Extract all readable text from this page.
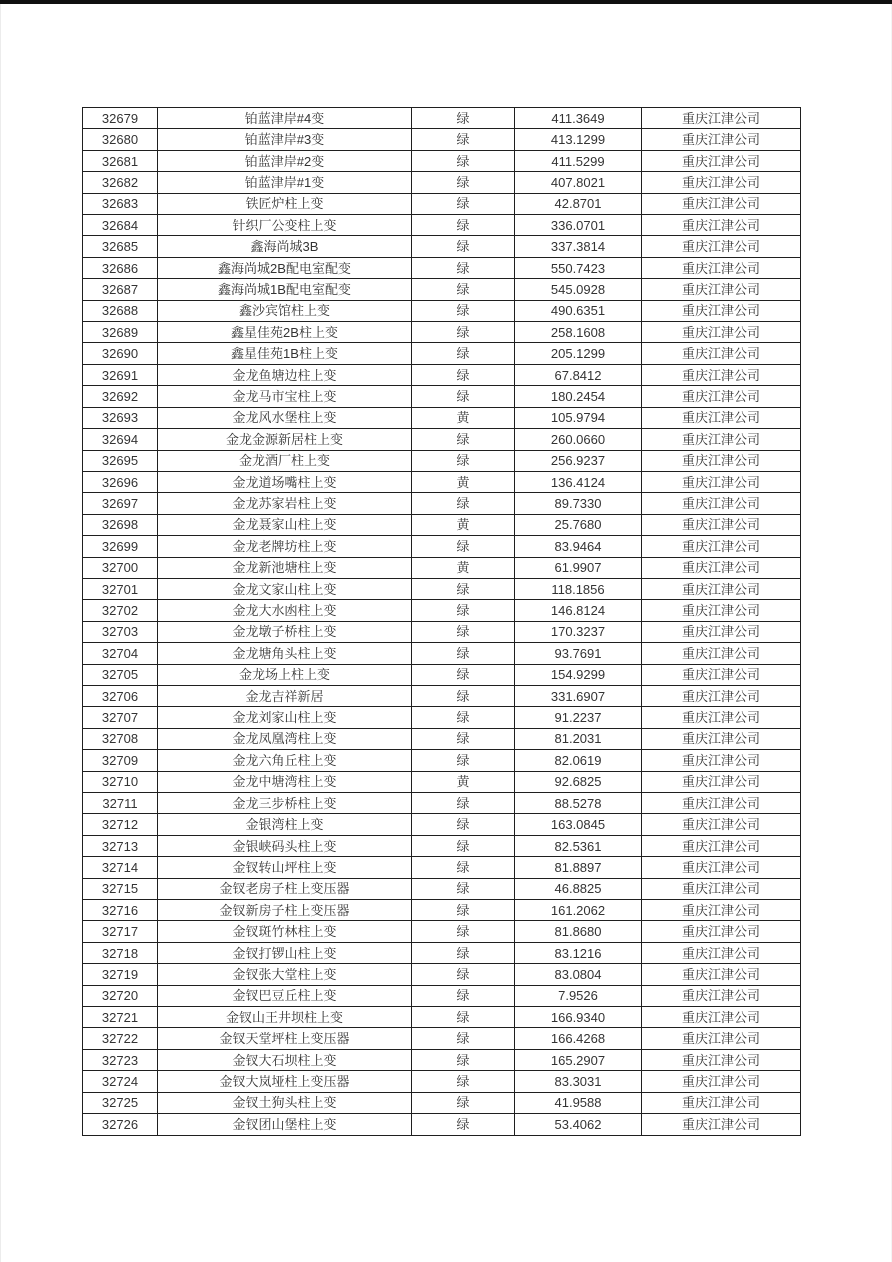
32679	铂蓝津岸#4变	绿	411.3649	重庆江津公司
32680	铂蓝津岸#3变	绿	413.1299	重庆江津公司
32681	铂蓝津岸#2变	绿	411.5299	重庆江津公司
32682	铂蓝津岸#1变	绿	407.8021	重庆江津公司
32683	铁匠炉柱上变	绿	42.8701	重庆江津公司
32684	针织厂公变柱上变	绿	336.0701	重庆江津公司
32685	鑫海尚城3B	绿	337.3814	重庆江津公司
32686	鑫海尚城2B配电室配变	绿	550.7423	重庆江津公司
32687	鑫海尚城1B配电室配变	绿	545.0928	重庆江津公司
32688	鑫沙宾馆柱上变	绿	490.6351	重庆江津公司
32689	鑫星佳苑2B柱上变	绿	258.1608	重庆江津公司
32690	鑫星佳苑1B柱上变	绿	205.1299	重庆江津公司
32691	金龙鱼塘边柱上变	绿	67.8412	重庆江津公司
32692	金龙马市宝柱上变	绿	180.2454	重庆江津公司
32693	金龙风水堡柱上变	黄	105.9794	重庆江津公司
32694	金龙金源新居柱上变	绿	260.0660	重庆江津公司
32695	金龙酒厂柱上变	绿	256.9237	重庆江津公司
32696	金龙道场嘴柱上变	黄	136.4124	重庆江津公司
32697	金龙苏家岩柱上变	绿	89.7330	重庆江津公司
32698	金龙聂家山柱上变	黄	25.7680	重庆江津公司
32699	金龙老牌坊柱上变	绿	83.9464	重庆江津公司
32700	金龙新池塘柱上变	黄	61.9907	重庆江津公司
32701	金龙文家山柱上变	绿	118.1856	重庆江津公司
32702	金龙大水凼柱上变	绿	146.8124	重庆江津公司
32703	金龙墩子桥柱上变	绿	170.3237	重庆江津公司
32704	金龙塘角头柱上变	绿	93.7691	重庆江津公司
32705	金龙场上柱上变	绿	154.9299	重庆江津公司
32706	金龙吉祥新居	绿	331.6907	重庆江津公司
32707	金龙刘家山柱上变	绿	91.2237	重庆江津公司
32708	金龙凤凰湾柱上变	绿	81.2031	重庆江津公司
32709	金龙六角丘柱上变	绿	82.0619	重庆江津公司
32710	金龙中塘湾柱上变	黄	92.6825	重庆江津公司
32711	金龙三步桥柱上变	绿	88.5278	重庆江津公司
32712	金银湾柱上变	绿	163.0845	重庆江津公司
32713	金银峡码头柱上变	绿	82.5361	重庆江津公司
32714	金钗转山坪柱上变	绿	81.8897	重庆江津公司
32715	金钗老房子柱上变压器	绿	46.8825	重庆江津公司
32716	金钗新房子柱上变压器	绿	161.2062	重庆江津公司
32717	金钗斑竹林柱上变	绿	81.8680	重庆江津公司
32718	金钗打锣山柱上变	绿	83.1216	重庆江津公司
32719	金钗张大堂柱上变	绿	83.0804	重庆江津公司
32720	金钗巴豆丘柱上变	绿	7.9526	重庆江津公司
32721	金钗山王井坝柱上变	绿	166.9340	重庆江津公司
32722	金钗天堂坪柱上变压器	绿	166.4268	重庆江津公司
32723	金钗大石坝柱上变	绿	165.2907	重庆江津公司
32724	金钗大岚垭柱上变压器	绿	83.3031	重庆江津公司
32725	金钗土狗头柱上变	绿	41.9588	重庆江津公司
32726	金钗团山堡柱上变	绿	53.4062	重庆江津公司
